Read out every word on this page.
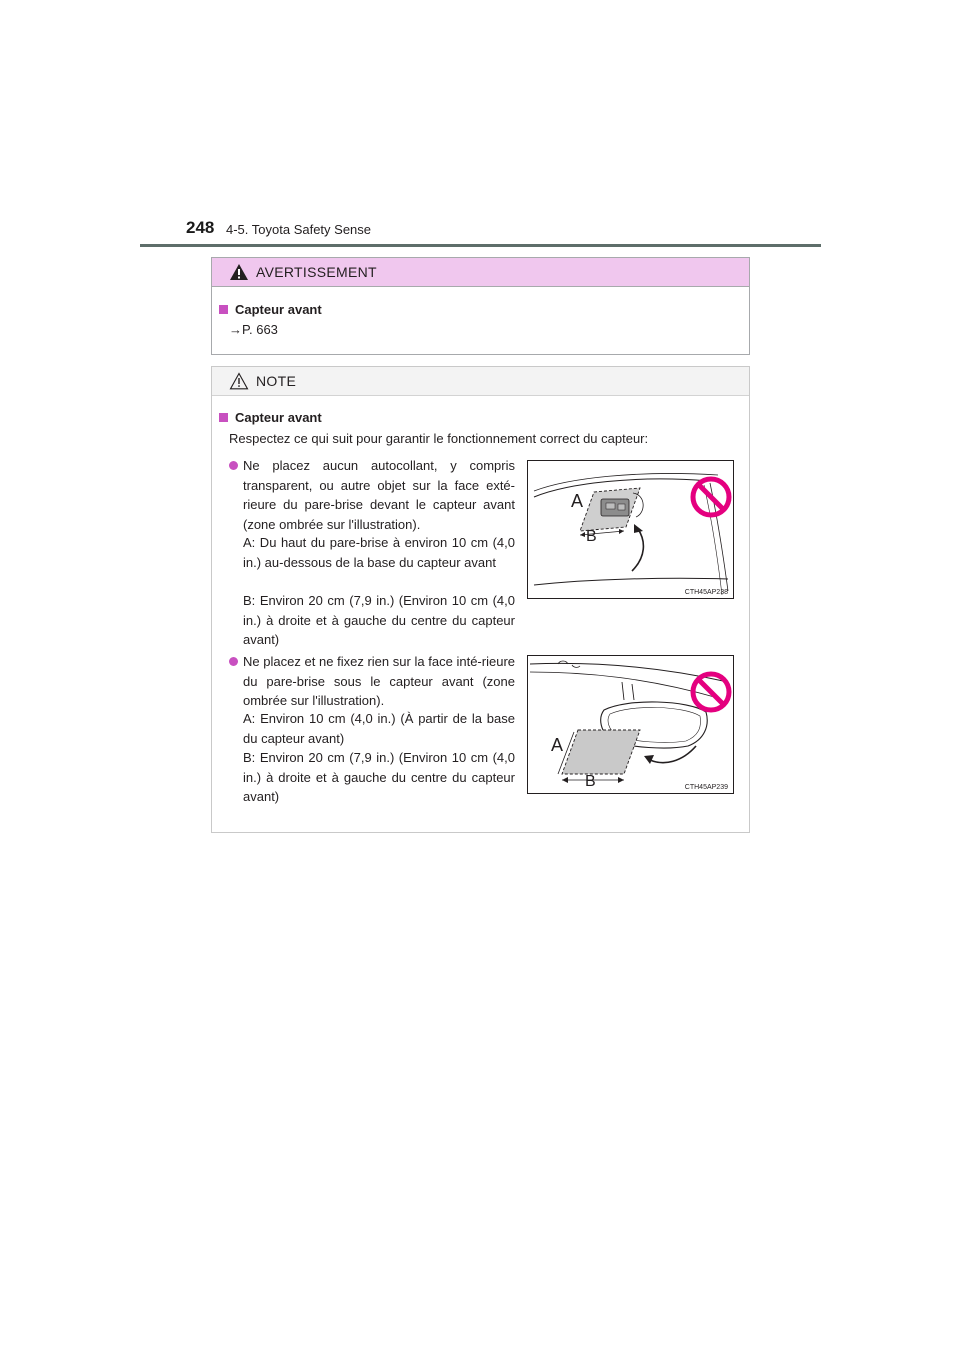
248 4-5. Toyota Safety Sense
AVERTISSEMENT
Capteur avant
→P. 663
NOTE
Capteur avant
Respectez ce qui suit pour garantir le fonctionnement correct du capteur:

Ne placez aucun autocollant, y compris transparent, ou autre objet sur la face exté-rieure du pare-brise devant le capteur avant (zone ombrée sur l'illustration).

A: Du haut du pare-brise à environ 10 cm (4,0 in.) au-dessous de la base du capteur avant

B: Environ 20 cm (7,9 in.) (Environ 10 cm (4,0 in.) à droite et à gauche du centre du capteur avant)

A
B
CTH45AP238

Ne placez et ne fixez rien sur la face inté-rieure du pare-brise sous le capteur avant (zone ombrée sur l'illustration).

A: Environ 10 cm (4,0 in.) (À partir de la base du capteur avant)

B: Environ 20 cm (7,9 in.) (Environ 10 cm (4,0 in.) à droite et à gauche du centre du capteur avant)

A
B	CTH45AP239
